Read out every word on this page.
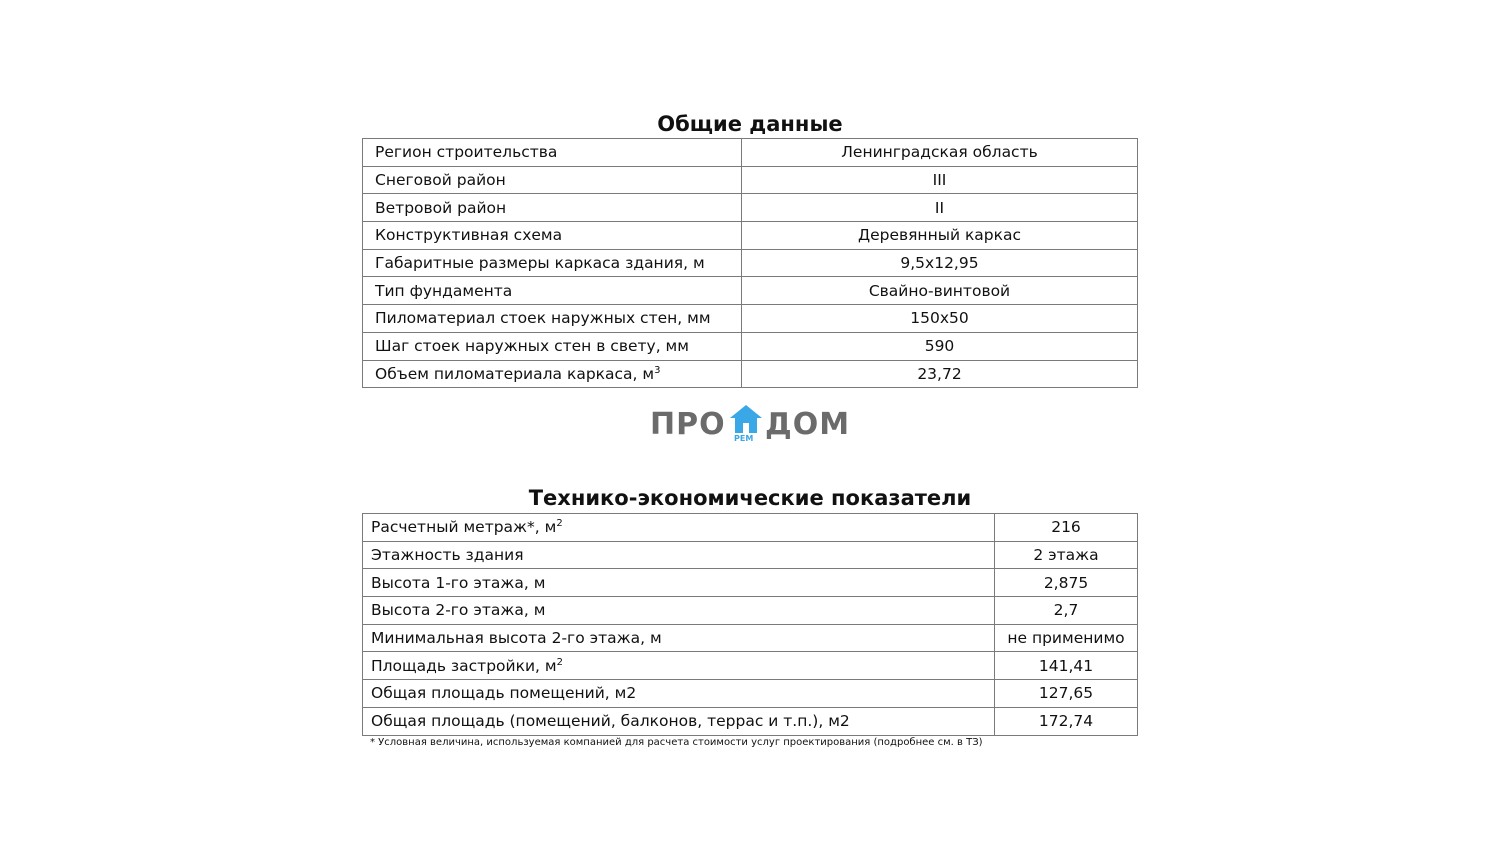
Общие данные
Регион строительства	Ленинградская область
Снеговой район	III
Ветровой район	II
Конструктивная схема	Деревянный каркас
Габаритные размеры каркаса здания, м	9,5x12,95
Тип фундамента	Свайно-винтовой
Пиломатериал стоек наружных стен, мм	150x50
Шаг стоек наружных стен в свету, мм	590
Объем пиломатериала каркаса, $м^3$	23,72
ПРО РЕМ ДОМ
Технико-экономические показатели
Расчетный метраж*, $м^2$	216
Этажность здания	2 этажа
Высота 1-го этажа, м	2,875
Высота 2-го этажа, м	2,7
Минимальная высота 2-го этажа, м	не применимо
Площадь застройки, $м^2$	141,41
Общая площадь помещений, м2	127,65
Общая площадь (помещений, балконов, террас и т.п.), м2	172,74
* Условная величина, используемая компанией для расчета стоимости услуг проектирования (подробнее см. в ТЗ)
